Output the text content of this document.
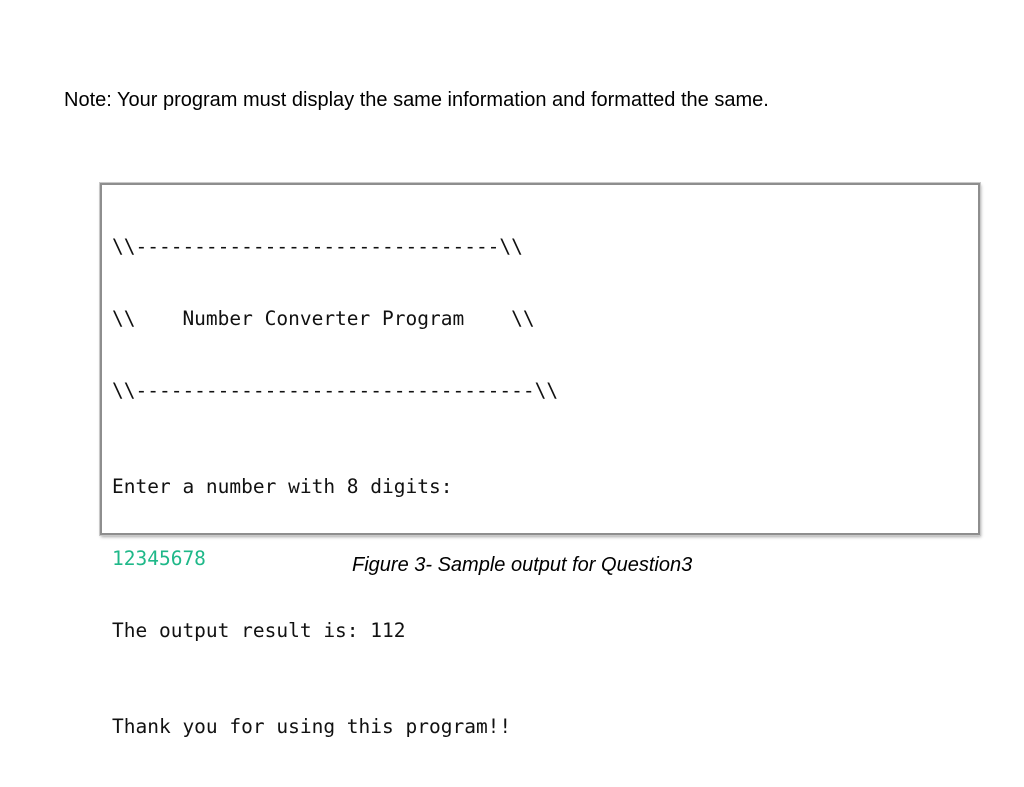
Note: Your program must display the same information and formatted the same.

\\-------------------------------\\

\\    Number Converter Program    \\

\\----------------------------------\\

Enter a number with 8 digits:

12345678

The output result is: 112

Thank you for using this program!!

Figure 3- Sample output for Question3
